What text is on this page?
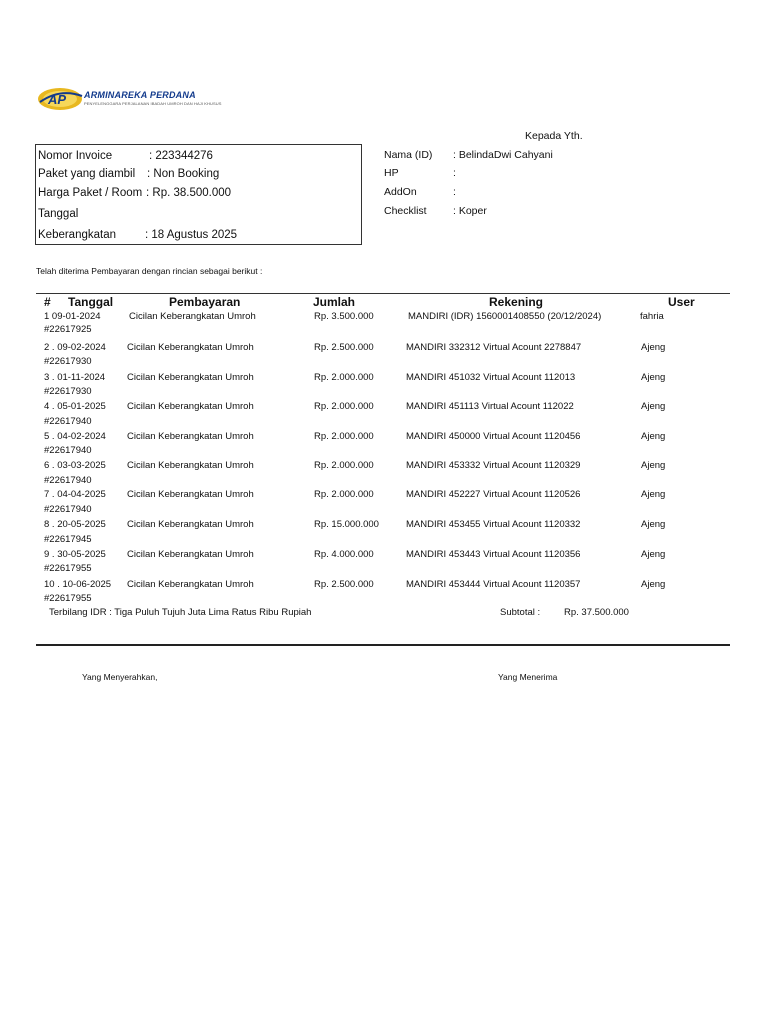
AP ARMINAREKA PERDANA
PENYELENGGARA PERJALANAN IBADAH UMROH DAN HAJI KHUSUS
Nomor Invoice	: 223344276
Paket yang diambil : Non Booking
Harga Paket / Room : Rp. 38.500.000
Tanggal
Keberangkatan	: 18 Agustus 2025
Kepada Yth.
Nama (ID) : BelindaDwi Cahyani
HP	:
AddOn	:
Checklist	: Koper
Telah diterima Pembayaran dengan rincian sebagai berikut :
# Tanggal	Pembayaran	Jumlah	Rekening	User
1 09-01-2024
#22617925
Cicilan Keberangkatan Umroh	Rp. 3.500.000	MANDIRI (IDR) 1560001408550 (20/12/2024)	fahria
2 . 09-02-2024
#22617930
Cicilan Keberangkatan Umroh	Rp. 2.500.000	MANDIRI 332312 Virtual Acount 2278847	Ajeng
3 . 01-11-2024
#22617930
Cicilan Keberangkatan Umroh	Rp. 2.000.000	MANDIRI 451032 Virtual Acount 112013	Ajeng
4 . 05-01-2025
#22617940
Cicilan Keberangkatan Umroh	Rp. 2.000.000	MANDIRI 451113 Virtual Acount 112022	Ajeng
5 . 04-02-2024
#22617940
Cicilan Keberangkatan Umroh	Rp. 2.000.000	MANDIRI 450000 Virtual Acount 1120456	Ajeng
6 . 03-03-2025
#22617940
Cicilan Keberangkatan Umroh	Rp. 2.000.000	MANDIRI 453332 Virtual Acount 1120329	Ajeng
7 . 04-04-2025
#22617940
Cicilan Keberangkatan Umroh	Rp. 2.000.000	MANDIRI 452227 Virtual Acount 1120526	Ajeng
8 . 20-05-2025
#22617945
Cicilan Keberangkatan Umroh	Rp. 15.000.000	MANDIRI 453455 Virtual Acount 1120332	Ajeng
9 . 30-05-2025
#22617955
Cicilan Keberangkatan Umroh	Rp. 4.000.000	MANDIRI 453443 Virtual Acount 1120356	Ajeng
10 . 10-06-2025
#22617955
Cicilan Keberangkatan Umroh	Rp. 2.500.000	MANDIRI 453444 Virtual Acount 1120357	Ajeng
Terbilang IDR : Tiga Puluh Tujuh Juta Lima Ratus Ribu Rupiah	Subtotal :	Rp. 37.500.000
Yang Menyerahkan,	Yang Menerima
